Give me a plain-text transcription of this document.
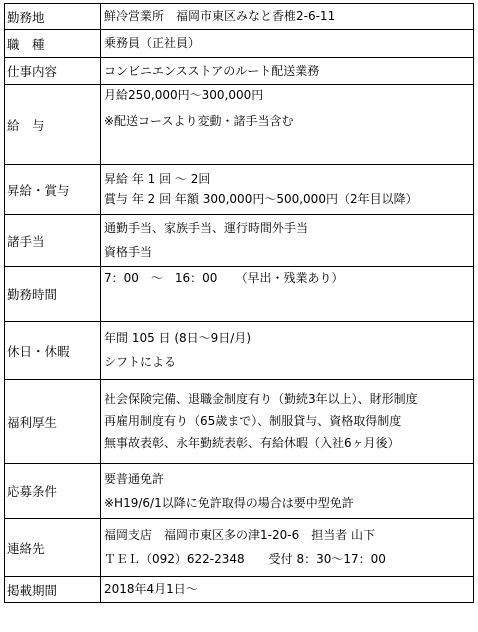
勤務地	鮮冷営業所　福岡市東区みなと香椎2-6-11

職　種	乗務員（正社員）

仕事内容	コンビニエンスストアのルート配送業務

給　与	月給250,000円～300,000円
※配送コースより変動・諸手当含む

昇給・賞与	昇給 年 1 回 ～ 2回
賞与 年 2 回 年額 300,000円～500,000円（2年目以降）

諸手当	通勤手当、家族手当、運行時間外手当
資格手当

勤務時間	7：00　～　16：00　　（早出・残業あり）

休日・休暇	年間 105 日 (8日～9日/月)
シフトによる

福利厚生	社会保険完備、退職金制度有り（勤続3年以上）、財形制度
再雇用制度有り（65歳まで）、制服貸与、資格取得制度
無事故表彰、永年勤続表彰、有給休暇（入社6ヶ月後）

応募条件	要普通免許
※H19/6/1以降に免許取得の場合は要中型免許

連絡先	福岡支店　福岡市東区多の津1-20-6　担当者 山下
ＴＥＬ（092）622-2348　　受付 8：30～17：00

掲載期間	2018年4月1日～
